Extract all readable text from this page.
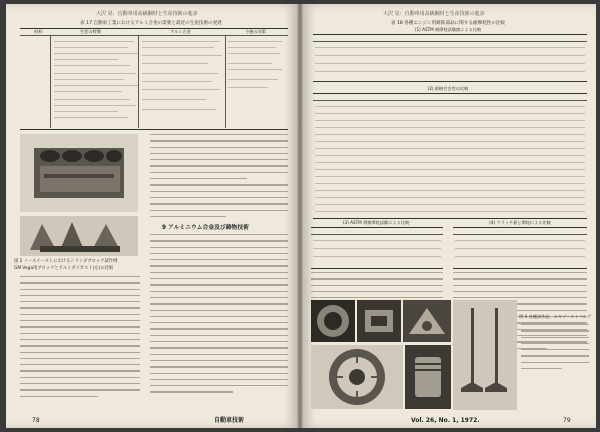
大沢 晃：自動車用高級鋼材と生産技術の進歩
表 17 自動車工業におけるアルミ合金の需要と最近の生産技術の発達
材料	生産の特徴	アルミ合金	今後の対策
図 2 ノースイーストにおけるシリンダブロック試作例
GM Vega用ブロックとアルミダイカスト(左)の比較
9 アルミニウム合金及び鋳物技術
78	自動車技術
大沢 晃：自動車用高級鋼材と生産技術の進歩
表 18 各種エンジン用鋳鉄部品に関する耐摩耗性の比較
(1) ASTM 耐摩耗試験値による比較
(2) 耐焼付き性の比較
(3) ASTM 摩擦摩耗試験による比較	(4) クラッチ板と摩耗による比較
図 4 各種試作品、エキゾーストバルブ
Vol. 26, No. 1, 1972.	79
